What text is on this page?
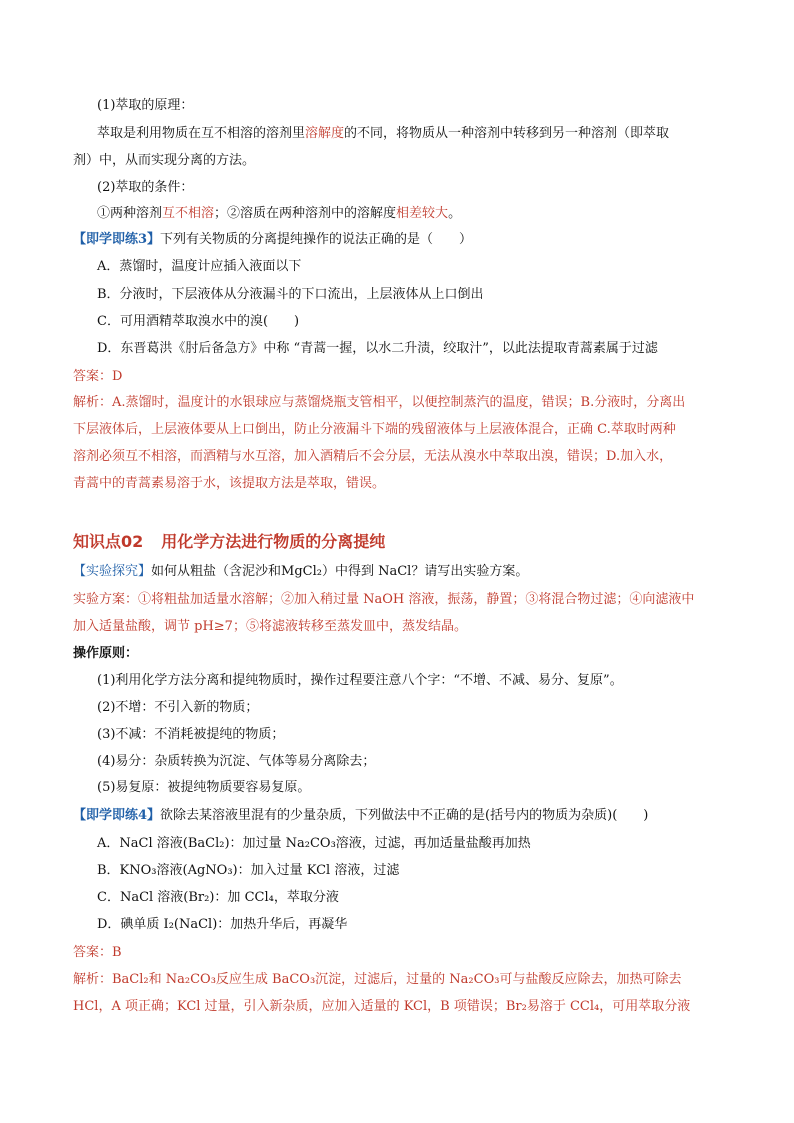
(1)萃取的原理：
萃取是利用物质在互不相溶的溶剂里溶解度的不同，将物质从一种溶剂中转移到另一种溶剂（即萃取
剂）中，从而实现分离的方法。
(2)萃取的条件：
①两种溶剂互不相溶；②溶质在两种溶剂中的溶解度相差较大。
【即学即练3】下列有关物质的分离提纯操作的说法正确的是（　　）
A．蒸馏时，温度计应插入液面以下
B．分液时，下层液体从分液漏斗的下口流出，上层液体从上口倒出
C．可用酒精萃取溴水中的溴(　　)
D．东晋葛洪《肘后备急方》中称 “青蒿一握，以水二升渍，绞取汁”，以此法提取青蒿素属于过滤
答案：D
解析：A.蒸馏时，温度计的水银球应与蒸馏烧瓶支管相平，以便控制蒸汽的温度，错误；B.分液时，分离出
下层液体后，上层液体要从上口倒出，防止分液漏斗下端的残留液体与上层液体混合，正确 C.萃取时两种
溶剂必须互不相溶，而酒精与水互溶，加入酒精后不会分层，无法从溴水中萃取出溴，错误；D.加入水，
青蒿中的青蒿素易溶于水，该提取方法是萃取，错误。
知识点02 用化学方法进行物质的分离提纯
【实验探究】如何从粗盐（含泥沙和MgCl₂）中得到 NaCl？请写出实验方案。
实验方案：①将粗盐加适量水溶解；②加入稍过量 NaOH 溶液，振荡，静置；③将混合物过滤；④向滤液中
加入适量盐酸，调节 pH≥7；⑤将滤液转移至蒸发皿中，蒸发结晶。
操作原则：
(1)利用化学方法分离和提纯物质时，操作过程要注意八个字：“不增、不减、易分、复原”。
(2)不增：不引入新的物质；
(3)不减：不消耗被提纯的物质；
(4)易分：杂质转换为沉淀、气体等易分离除去；
(5)易复原：被提纯物质要容易复原。
【即学即练4】欲除去某溶液里混有的少量杂质，下列做法中不正确的是(括号内的物质为杂质)(　　)
A．NaCl 溶液(BaCl₂)：加过量 Na₂CO₃溶液，过滤，再加适量盐酸再加热
B．KNO₃溶液(AgNO₃)：加入过量 KCl 溶液，过滤
C．NaCl 溶液(Br₂)：加 CCl₄，萃取分液
D．碘单质 I₂(NaCl)：加热升华后，再凝华
答案：B
解析：BaCl₂和 Na₂CO₃反应生成 BaCO₃沉淀，过滤后，过量的 Na₂CO₃可与盐酸反应除去，加热可除去
HCl，A 项正确；KCl 过量，引入新杂质，应加入适量的 KCl，B 项错误；Br₂易溶于 CCl₄，可用萃取分液
